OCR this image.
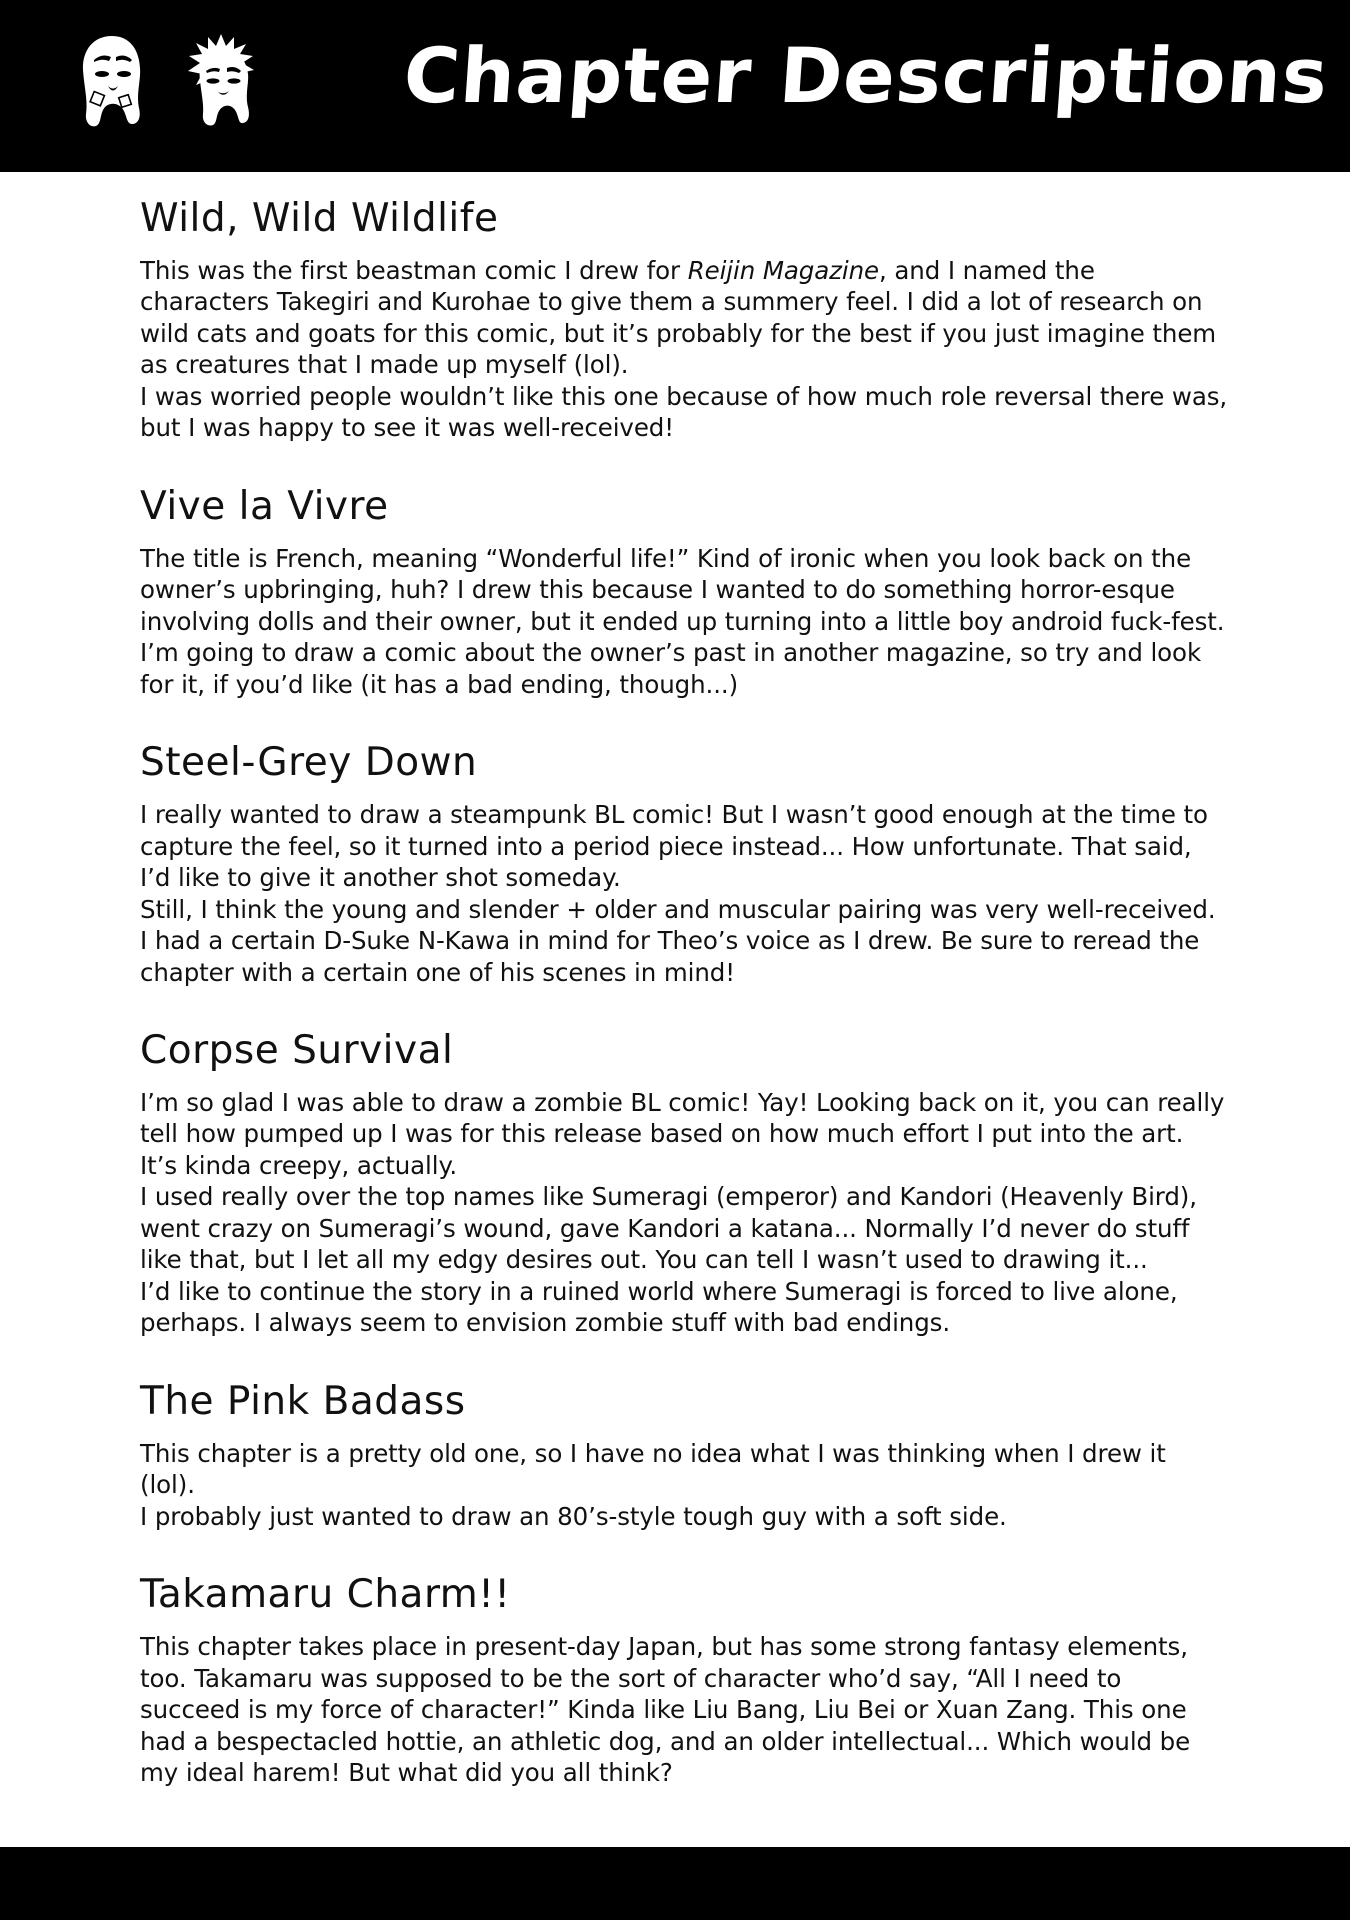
Chapter Descriptions
Wild, Wild Wildlife

This was the first beastman comic I drew for Reijin Magazine, and I named the characters Takegiri and Kurohae to give them a summery feel. I did a lot of research on wild cats and goats for this comic, but it’s probably for the best if you just imagine them as creatures that I made up myself (lol).

I was worried people wouldn’t like this one because of how much role reversal there was, but I was happy to see it was well-received!

Vive la Vivre

The title is French, meaning “Wonderful life!” Kind of ironic when you look back on the owner’s upbringing, huh? I drew this because I wanted to do something horror-esque involving dolls and their owner, but it ended up turning into a little boy android fuck-fest. I’m going to draw a comic about the owner’s past in another magazine, so try and look for it, if you’d like (it has a bad ending, though...)

Steel-Grey Down

I really wanted to draw a steampunk BL comic! But I wasn’t good enough at the time to capture the feel, so it turned into a period piece instead... How unfortunate. That said, I’d like to give it another shot someday.

Still, I think the young and slender + older and muscular pairing was very well-received. I had a certain D-Suke N-Kawa in mind for Theo’s voice as I drew. Be sure to reread the chapter with a certain one of his scenes in mind!

Corpse Survival

I’m so glad I was able to draw a zombie BL comic! Yay! Looking back on it, you can really tell how pumped up I was for this release based on how much effort I put into the art. It’s kinda creepy, actually.

I used really over the top names like Sumeragi (emperor) and Kandori (Heavenly Bird), went crazy on Sumeragi’s wound, gave Kandori a katana... Normally I’d never do stuff like that, but I let all my edgy desires out. You can tell I wasn’t used to drawing it...

I’d like to continue the story in a ruined world where Sumeragi is forced to live alone, perhaps. I always seem to envision zombie stuff with bad endings.

The Pink Badass

This chapter is a pretty old one, so I have no idea what I was thinking when I drew it (lol).

I probably just wanted to draw an 80’s-style tough guy with a soft side.

Takamaru Charm!!

This chapter takes place in present-day Japan, but has some strong fantasy elements, too. Takamaru was supposed to be the sort of character who’d say, “All I need to succeed is my force of character!” Kinda like Liu Bang, Liu Bei or Xuan Zang. This one had a bespectacled hottie, an athletic dog, and an older intellectual... Which would be my ideal harem! But what did you all think?
